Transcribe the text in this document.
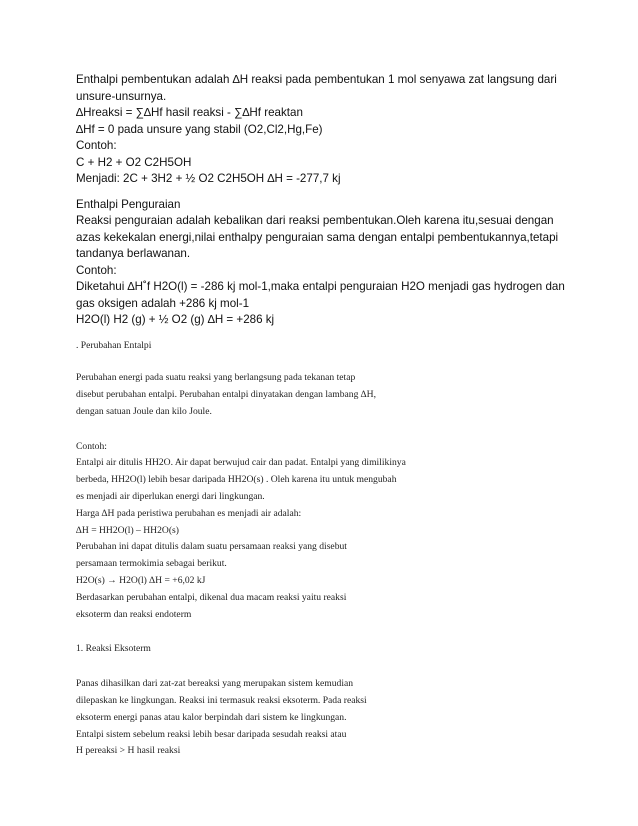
Enthalpi pembentukan adalah ∆H reaksi pada pembentukan 1 mol senyawa zat langsung dari
unsure-unsurnya.
∆Hreaksi = ∑∆Hf hasil reaksi - ∑∆Hf reaktan
∆Hf = 0 pada unsure yang stabil (O2,Cl2,Hg,Fe)
Contoh:
C + H2 + O2 C2H5OH
Menjadi: 2C + 3H2 + ½ O2 C2H5OH ∆H = -277,7 kj
Enthalpi Penguraian
Reaksi penguraian adalah kebalikan dari reaksi pembentukan.Oleh karena itu,sesuai dengan
azas kekekalan energi,nilai enthalpy penguraian sama dengan entalpi pembentukannya,tetapi
tandanya berlawanan.
Contoh:
Diketahui ∆H˚f H2O(l) = -286 kj mol-1,maka entalpi penguraian H2O menjadi gas hydrogen dan
gas oksigen adalah +286 kj mol-1
H2O(l) H2 (g) + ½ O2 (g) ∆H = +286 kj
. Perubahan Entalpi
Perubahan energi pada suatu reaksi yang berlangsung pada tekanan tetap
disebut perubahan entalpi. Perubahan entalpi dinyatakan dengan lambang ∆H,
dengan satuan Joule dan kilo Joule.
Contoh:
Entalpi air ditulis HH2O. Air dapat berwujud cair dan padat. Entalpi yang dimilikinya
berbeda, HH2O(l) lebih besar daripada HH2O(s) . Oleh karena itu untuk mengubah
es menjadi air diperlukan energi dari lingkungan.
Harga ∆H pada peristiwa perubahan es menjadi air adalah:
∆H = HH2O(l) – HH2O(s)
Perubahan ini dapat ditulis dalam suatu persamaan reaksi yang disebut
persamaan termokimia sebagai berikut.
H2O(s) → H2O(l) ∆H = +6,02 kJ
Berdasarkan perubahan entalpi, dikenal dua macam reaksi yaitu reaksi
eksoterm dan reaksi endoterm
1. Reaksi Eksoterm
Panas dihasilkan dari zat-zat bereaksi yang merupakan sistem kemudian
dilepaskan ke lingkungan. Reaksi ini termasuk reaksi eksoterm. Pada reaksi
eksoterm energi panas atau kalor berpindah dari sistem ke lingkungan.
Entalpi sistem sebelum reaksi lebih besar daripada sesudah reaksi atau
H pereaksi > H hasil reaksi
